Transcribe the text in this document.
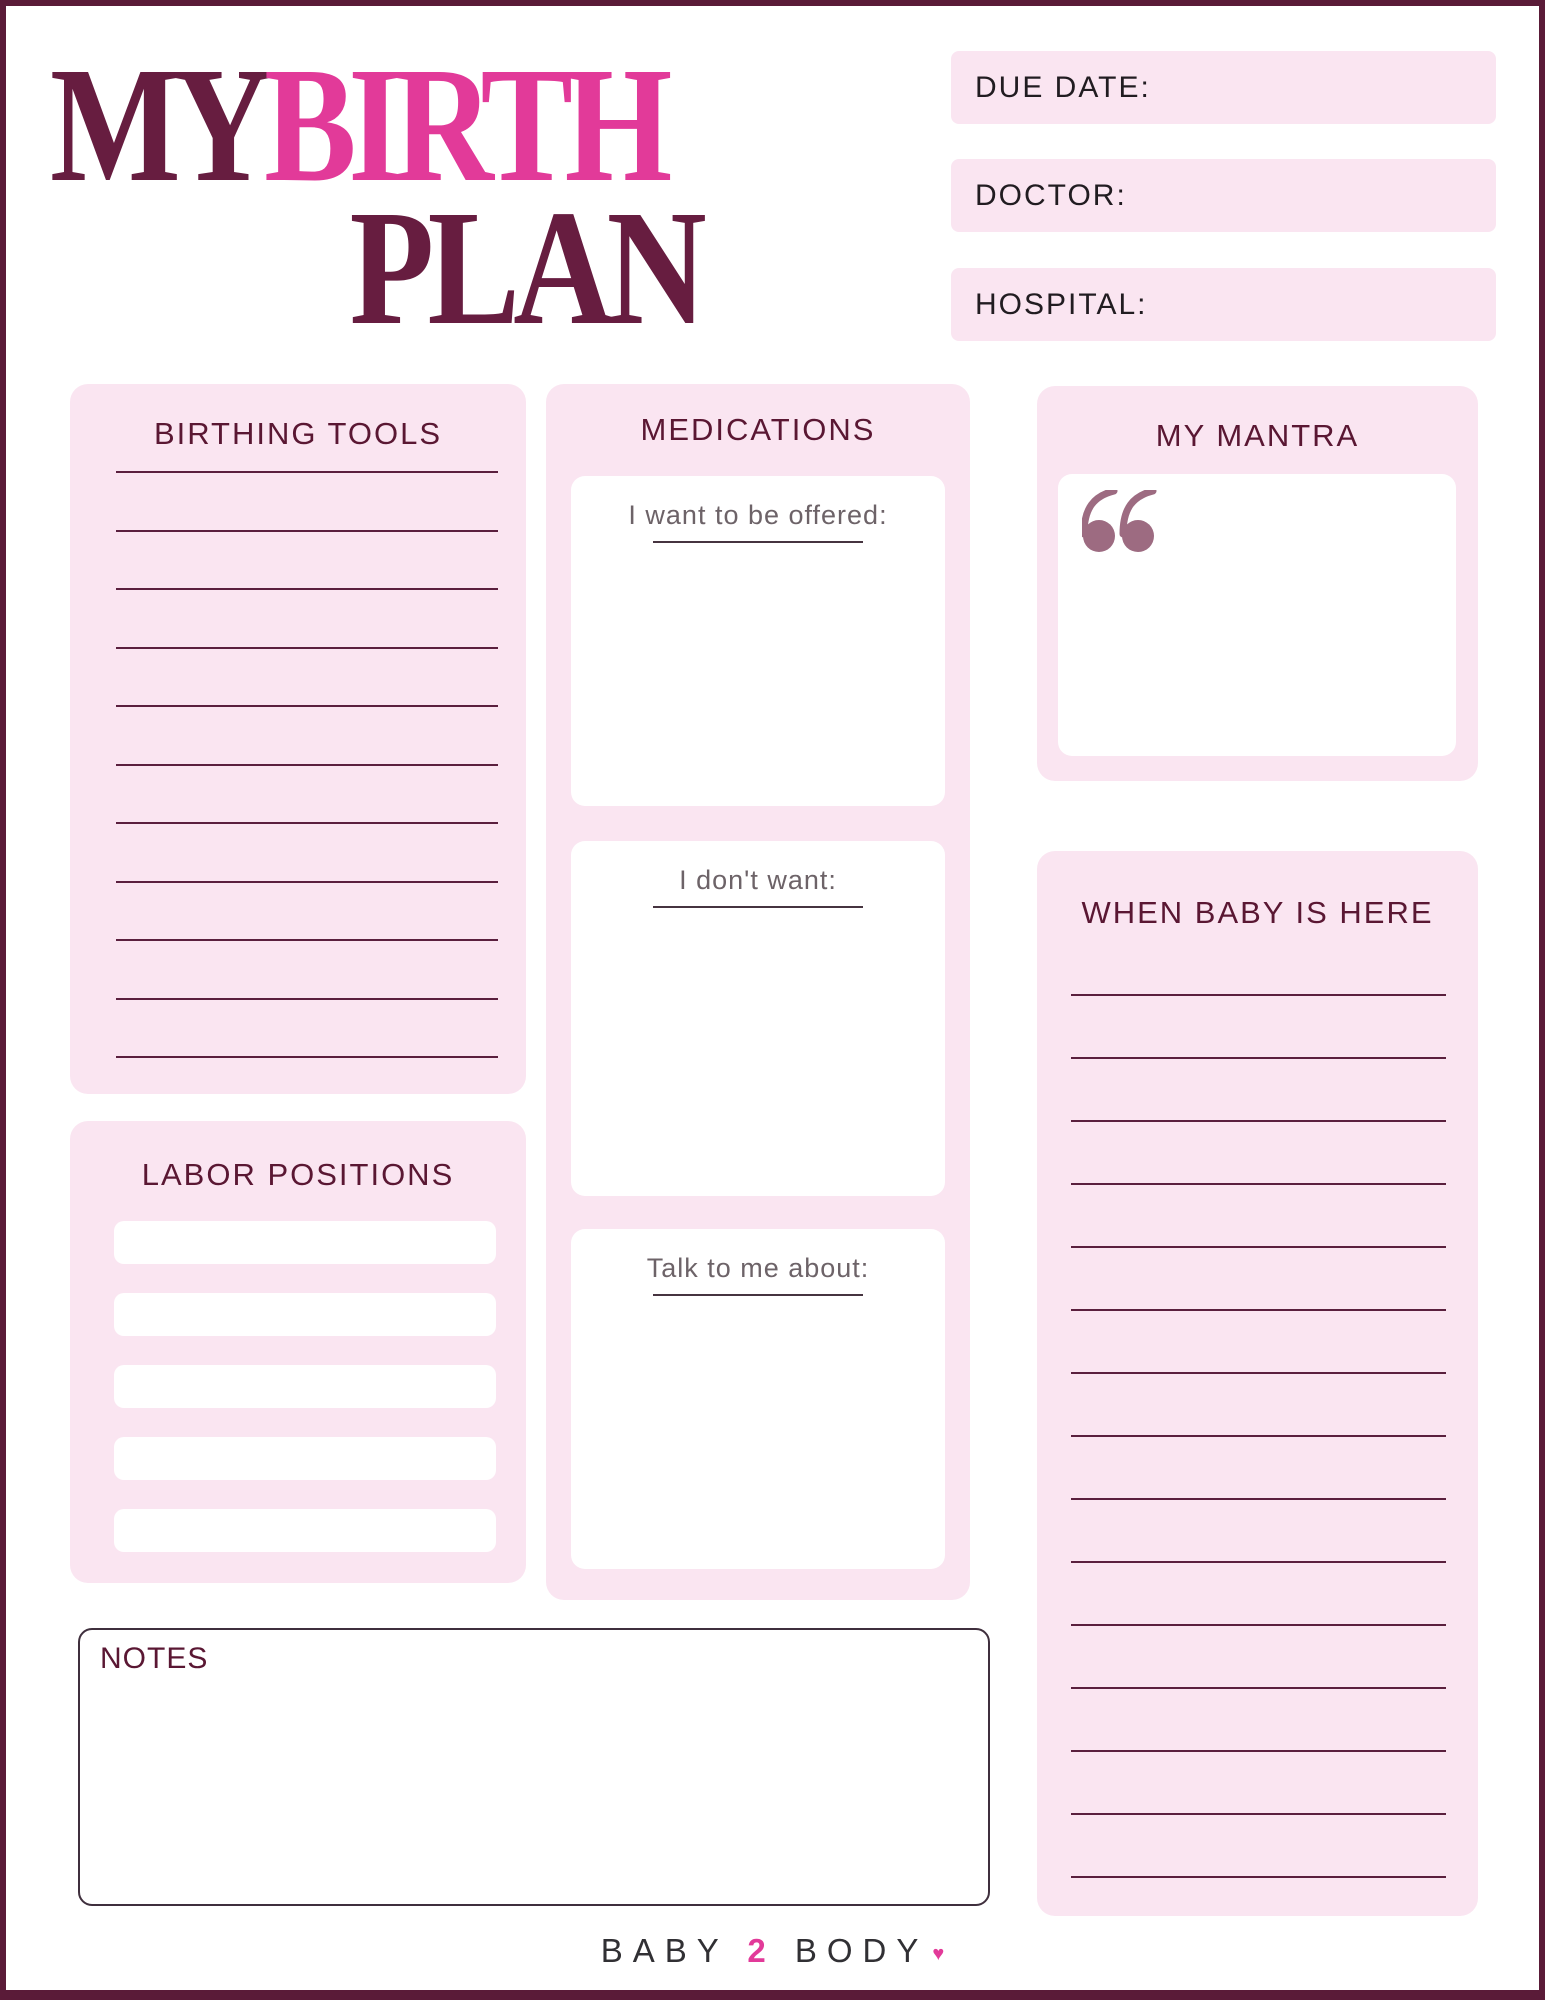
MYBIRTH
PLAN
DUE DATE:
DOCTOR:
HOSPITAL:
BIRTHING TOOLS
LABOR POSITIONS
MEDICATIONS
I want to be offered:
I don't want:
Talk to me about:
MY MANTRA
WHEN BABY IS HERE
NOTES
BABY 2 BODY ♥
